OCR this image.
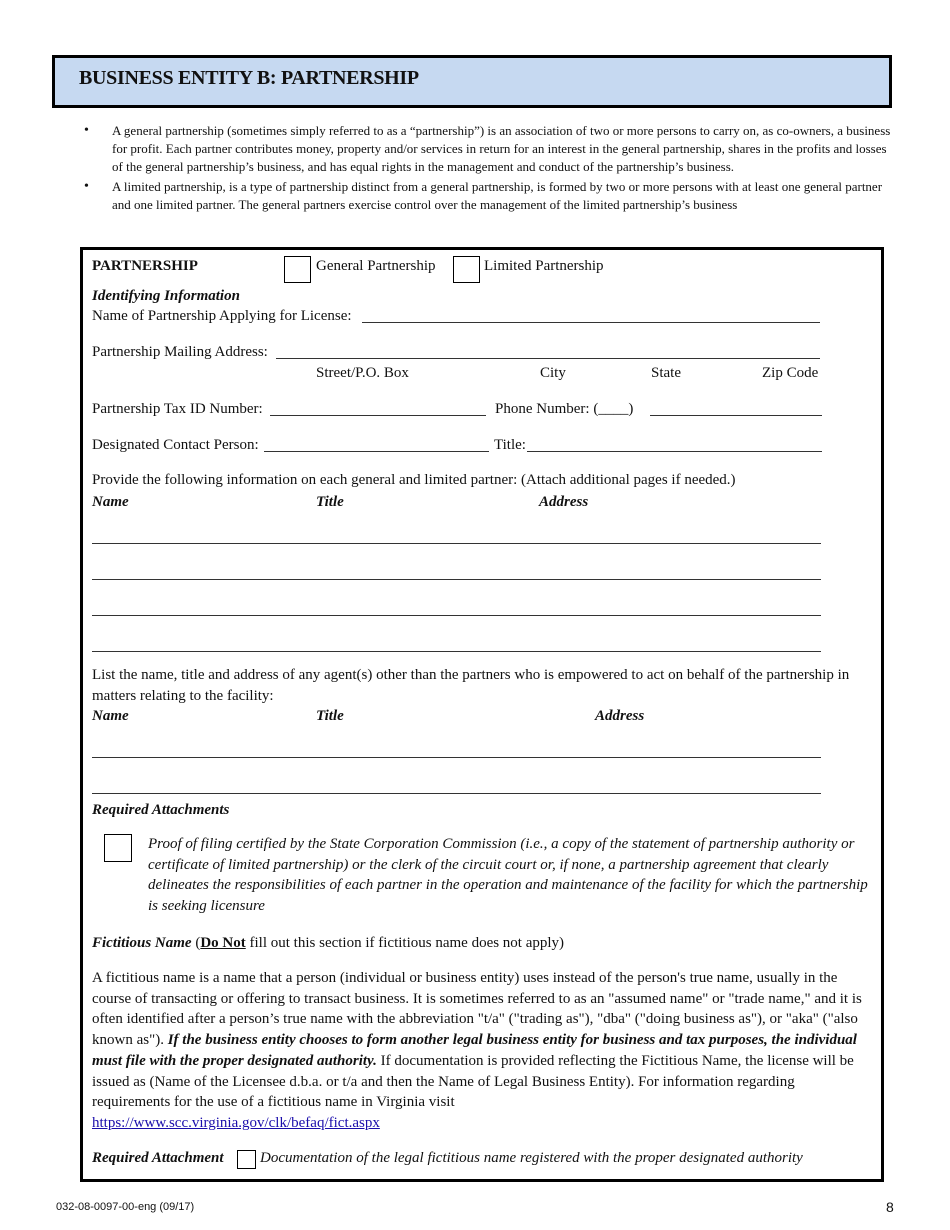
BUSINESS ENTITY B: PARTNERSHIP
• A general partnership (sometimes simply referred to as a “partnership”) is an association of two or more persons to carry on, as co-owners, a business for profit. Each partner contributes money, property and/or services in return for an interest in the general partnership, shares in the profits and losses of the general partnership’s business, and has equal rights in the management and conduct of the partnership’s business.
• A limited partnership, is a type of partnership distinct from a general partnership, is formed by two or more persons with at least one general partner and one limited partner. The general partners exercise control over the management of the limited partnership’s business
PARTNERSHIP	General Partnership	Limited Partnership
Identifying Information
Name of Partnership Applying for License:
Partnership Mailing Address:
Street/P.O. Box	City	State	Zip Code
Partnership Tax ID Number:	Phone Number: (____)
Designated Contact Person:	Title:
Provide the following information on each general and limited partner: (Attach additional pages if needed.)
Name	Title	Address
List the name, title and address of any agent(s) other than the partners who is empowered to act on behalf of the partnership in matters relating to the facility:
Name	Title	Address
Required Attachments
Proof of filing certified by the State Corporation Commission (i.e., a copy of the statement of partnership authority or certificate of limited partnership) or the clerk of the circuit court or, if none, a partnership agreement that clearly delineates the responsibilities of each partner in the operation and maintenance of the facility for which the partnership is seeking licensure
Fictitious Name (Do Not fill out this section if fictitious name does not apply)
A fictitious name is a name that a person (individual or business entity) uses instead of the person's true name, usually in the course of transacting or offering to transact business. It is sometimes referred to as an "assumed name" or "trade name," and it is often identified after a person’s true name with the abbreviation "t/a" ("trading as"), "dba" ("doing business as"), or "aka" ("also known as"). If the business entity chooses to form another legal business entity for business and tax purposes, the individual must file with the proper designated authority. If documentation is provided reflecting the Fictitious Name, the license will be issued as (Name of the Licensee d.b.a. or t/a and then the Name of Legal Business Entity). For information regarding requirements for the use of a fictitious name in Virginia visit
https://www.scc.virginia.gov/clk/befaq/fict.aspx
Required Attachment Documentation of the legal fictitious name registered with the proper designated authority
032-08-0097-00-eng (09/17)	8
